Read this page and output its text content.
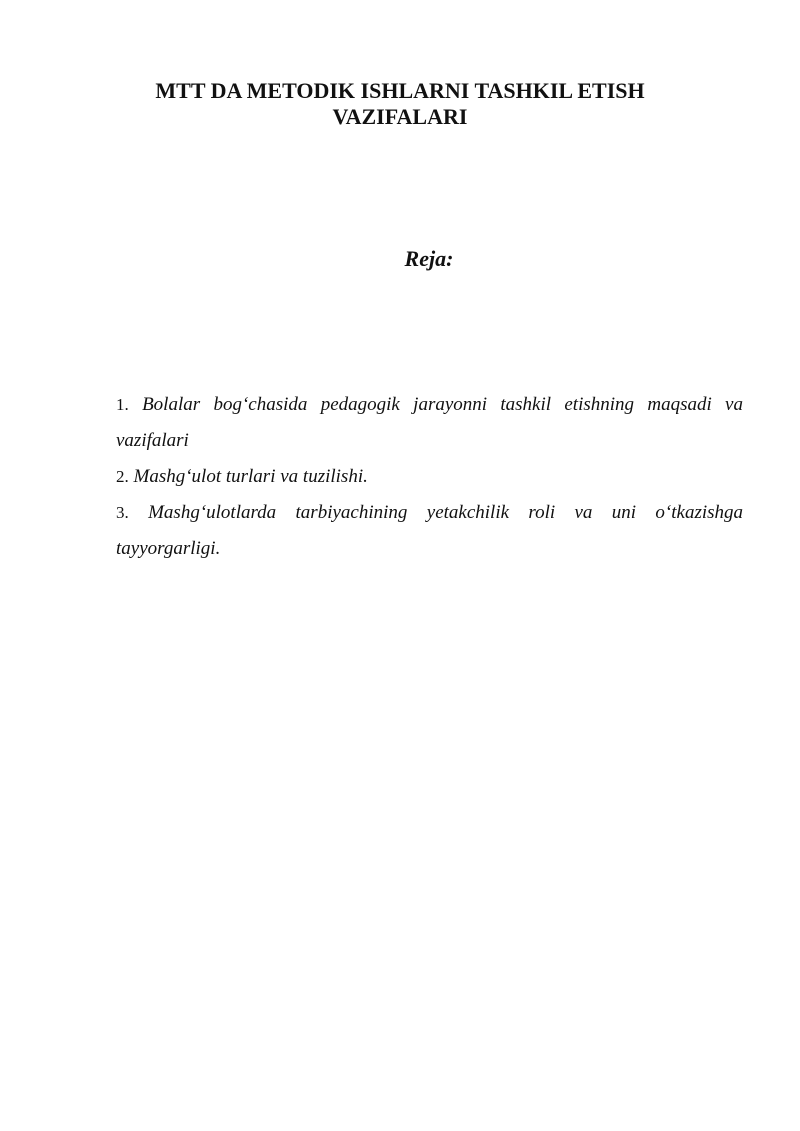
MTT DA METODIK ISHLARNI TASHKIL ETISH
VAZIFALARI
Reja:
1. Bolalar bog‘chasida pedagogik jarayonni tashkil etishning maqsadi va vazifalari
2. Mashg‘ulot turlari va tuzilishi.
3. Mashg‘ulotlarda tarbiyachining yetakchilik roli va uni o‘tkazishga tayyorgarligi.
